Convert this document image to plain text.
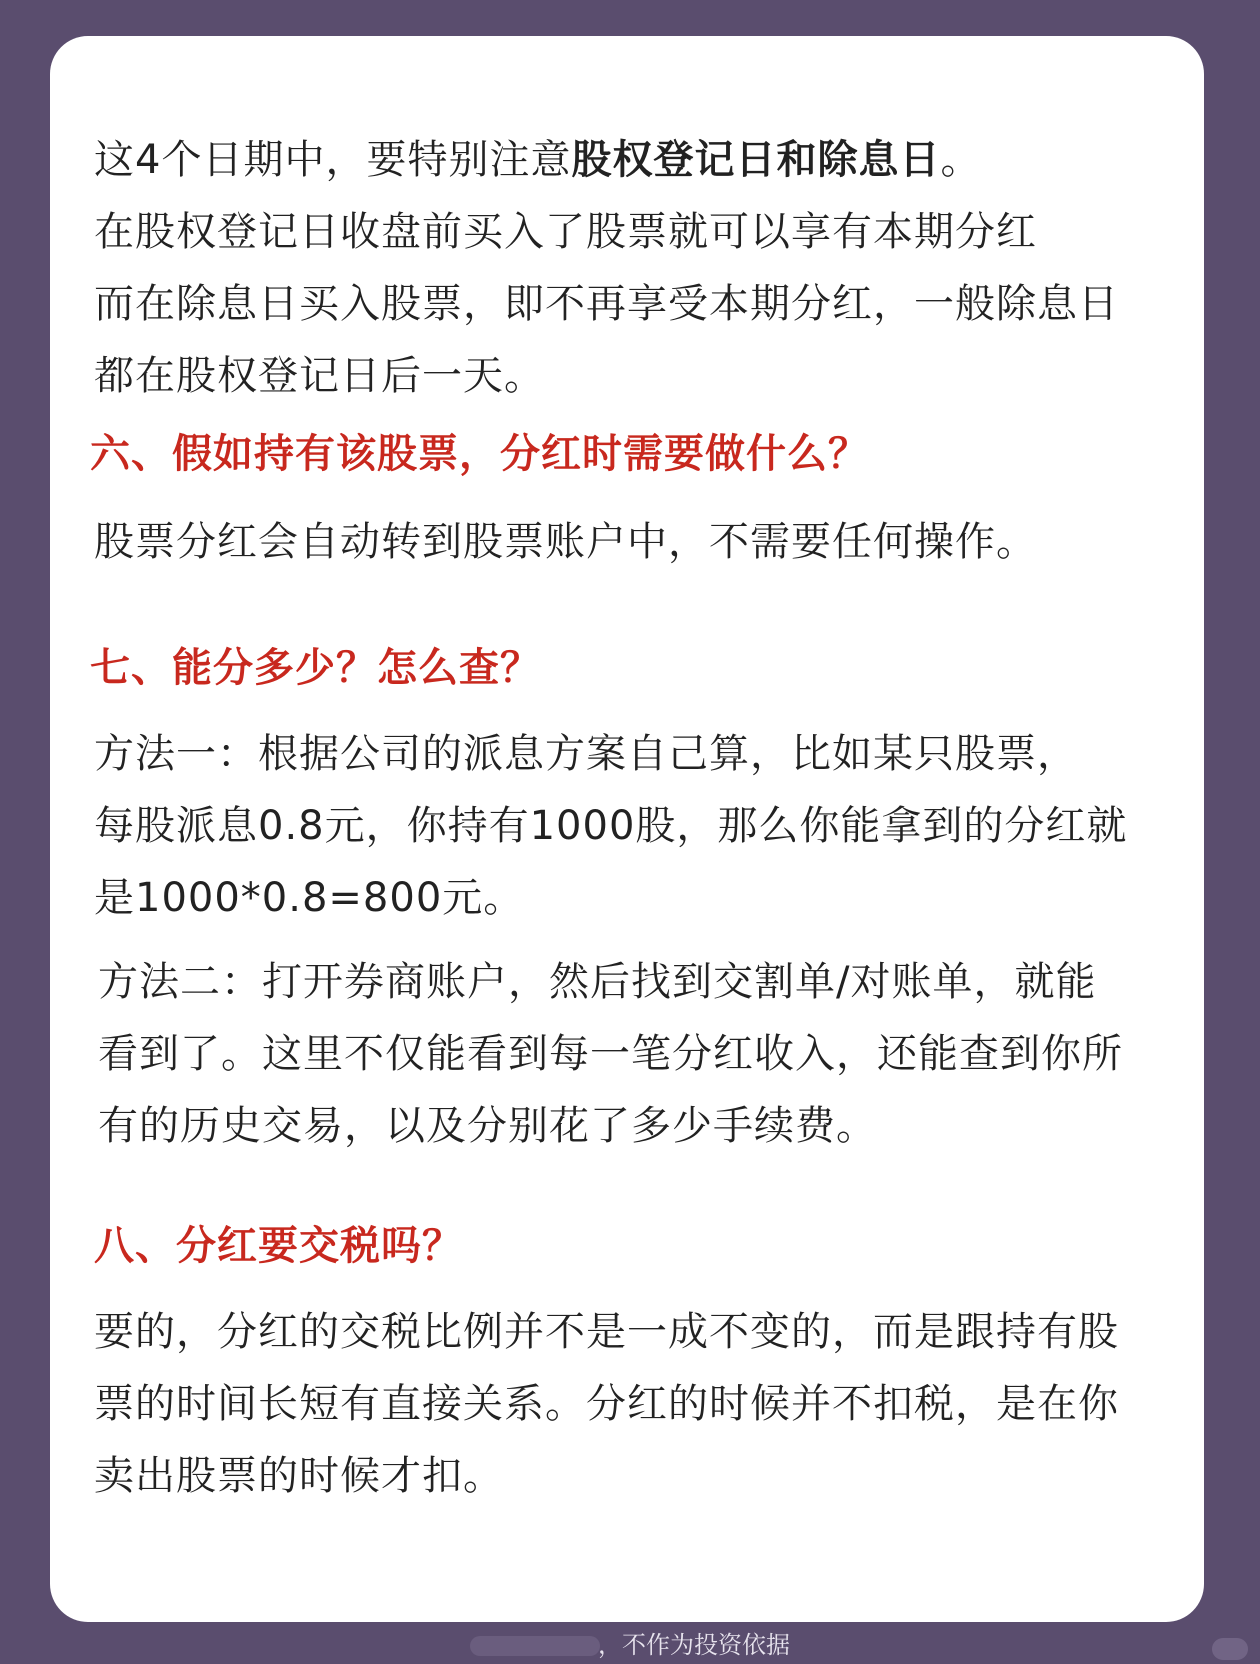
这4个日期中，要特别注意股权登记日和除息日。
在股权登记日收盘前买入了股票就可以享有本期分红
而在除息日买入股票，即不再享受本期分红，一般除息日
都在股权登记日后一天。

六、假如持有该股票，分红时需要做什么？

股票分红会自动转到股票账户中，不需要任何操作。

七、能分多少？怎么查？

方法一：根据公司的派息方案自己算，比如某只股票，
每股派息0.8元，你持有1000股，那么你能拿到的分红就
是1000*0.8=800元。

方法二：打开券商账户，然后找到交割单/对账单，就能
看到了。这里不仅能看到每一笔分红收入，还能查到你所
有的历史交易，以及分别花了多少手续费。

八、分红要交税吗？

要的，分红的交税比例并不是一成不变的，而是跟持有股
票的时间长短有直接关系。分红的时候并不扣税，是在你
卖出股票的时候才扣。

，不作为投资依据
